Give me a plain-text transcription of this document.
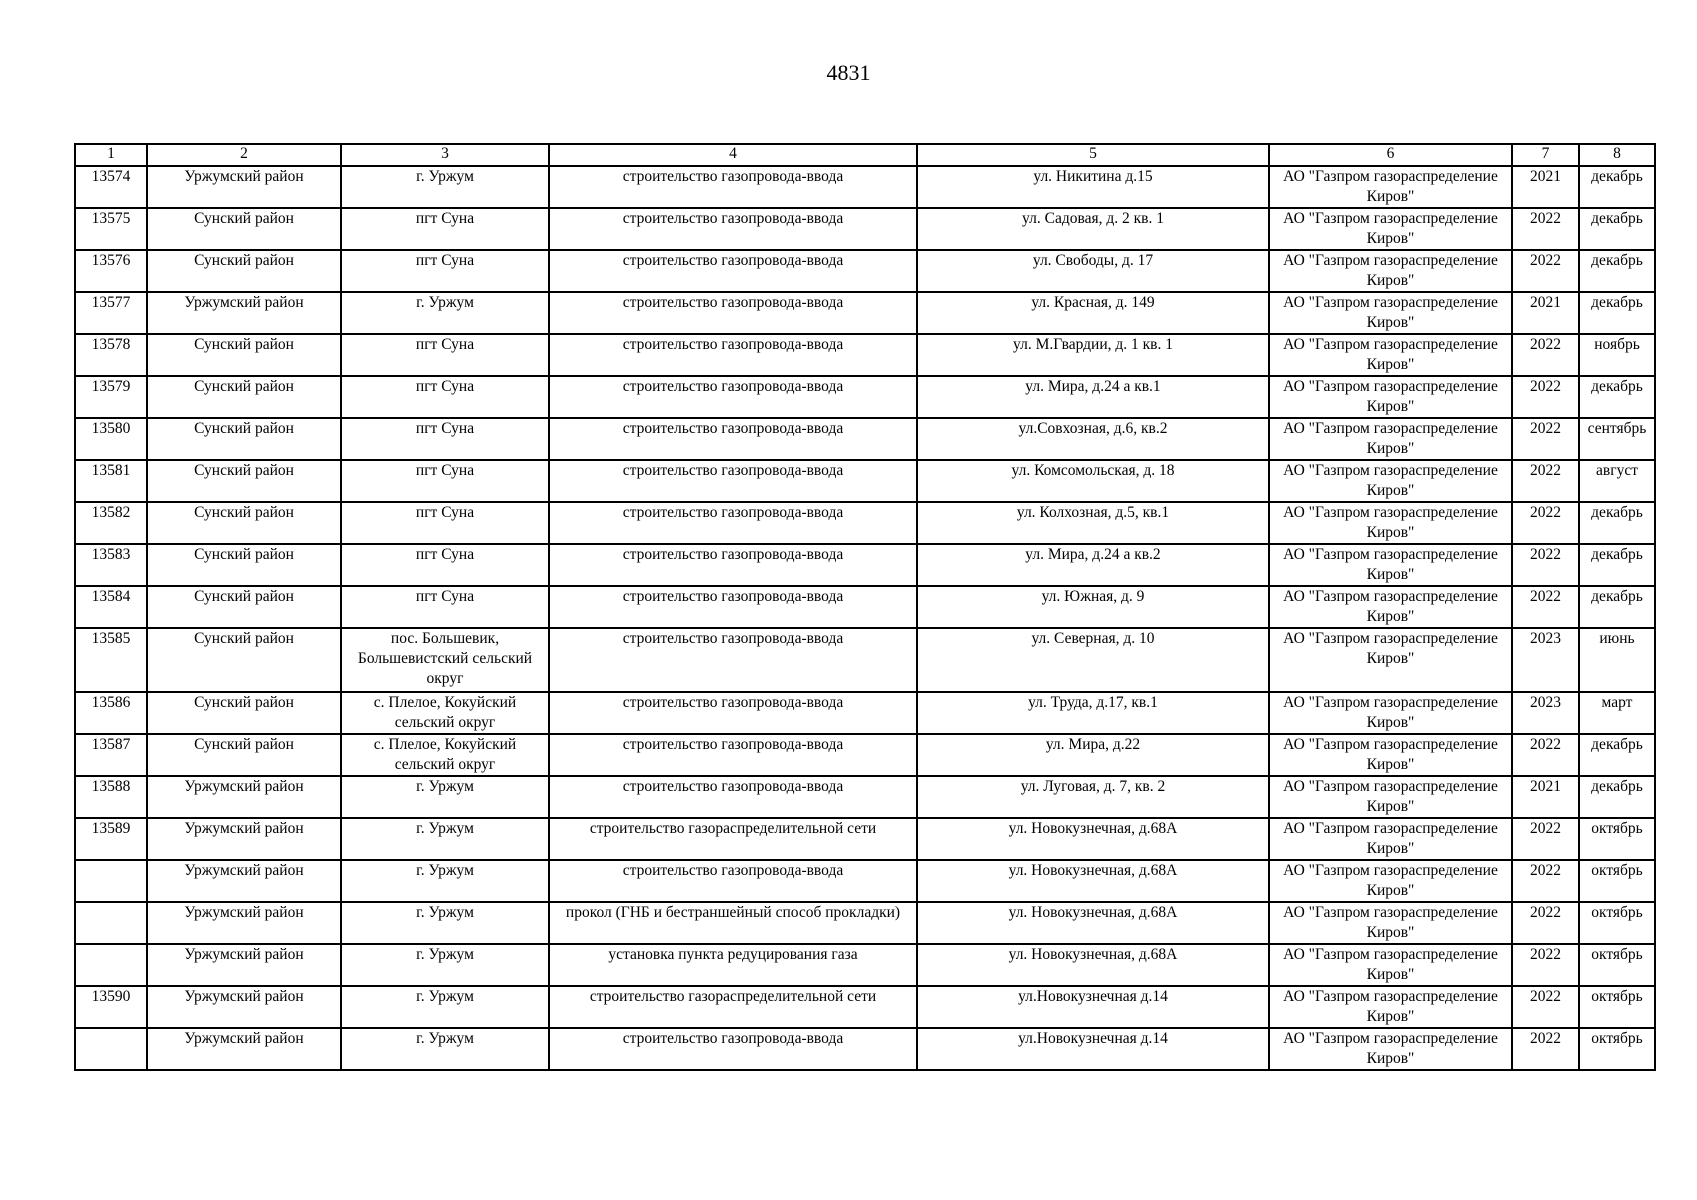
4831
1	2	3	4	5	6	7	8
13574	Уржумский район	г. Уржум	строительство газопровода-ввода	ул. Никитина д.15	АО "Газпром газораспределение Киров"	2021	декабрь
13575	Сунский район	пгт Суна	строительство газопровода-ввода	ул. Садовая, д. 2 кв. 1	АО "Газпром газораспределение Киров"	2022	декабрь
13576	Сунский район	пгт Суна	строительство газопровода-ввода	ул. Свободы, д. 17	АО "Газпром газораспределение Киров"	2022	декабрь
13577	Уржумский район	г. Уржум	строительство газопровода-ввода	ул. Красная, д. 149	АО "Газпром газораспределение Киров"	2021	декабрь
13578	Сунский район	пгт Суна	строительство газопровода-ввода	ул. М.Гвардии, д. 1 кв. 1	АО "Газпром газораспределение Киров"	2022	ноябрь
13579	Сунский район	пгт Суна	строительство газопровода-ввода	ул. Мира, д.24 а кв.1	АО "Газпром газораспределение Киров"	2022	декабрь
13580	Сунский район	пгт Суна	строительство газопровода-ввода	ул.Совхозная, д.6, кв.2	АО "Газпром газораспределение Киров"	2022	сентябрь
13581	Сунский район	пгт Суна	строительство газопровода-ввода	ул. Комсомольская, д. 18	АО "Газпром газораспределение Киров"	2022	август
13582	Сунский район	пгт Суна	строительство газопровода-ввода	ул. Колхозная, д.5, кв.1	АО "Газпром газораспределение Киров"	2022	декабрь
13583	Сунский район	пгт Суна	строительство газопровода-ввода	ул. Мира, д.24 а кв.2	АО "Газпром газораспределение Киров"	2022	декабрь
13584	Сунский район	пгт Суна	строительство газопровода-ввода	ул. Южная, д. 9	АО "Газпром газораспределение Киров"	2022	декабрь
13585	Сунский район	пос. Большевик, Большевистский сельский округ	строительство газопровода-ввода	ул. Северная, д. 10	АО "Газпром газораспределение Киров"	2023	июнь
13586	Сунский район	с. Плелое, Кокуйский сельский округ	строительство газопровода-ввода	ул. Труда, д.17, кв.1	АО "Газпром газораспределение Киров"	2023	март
13587	Сунский район	с. Плелое, Кокуйский сельский округ	строительство газопровода-ввода	ул. Мира, д.22	АО "Газпром газораспределение Киров"	2022	декабрь
13588	Уржумский район	г. Уржум	строительство газопровода-ввода	ул. Луговая, д. 7, кв. 2	АО "Газпром газораспределение Киров"	2021	декабрь
13589	Уржумский район	г. Уржум	строительство газораспределительной сети	ул. Новокузнечная, д.68А	АО "Газпром газораспределение Киров"	2022	октябрь
	Уржумский район	г. Уржум	строительство газопровода-ввода	ул. Новокузнечная, д.68А	АО "Газпром газораспределение Киров"	2022	октябрь
	Уржумский район	г. Уржум	прокол (ГНБ и бестраншейный способ прокладки)	ул. Новокузнечная, д.68А	АО "Газпром газораспределение Киров"	2022	октябрь
	Уржумский район	г. Уржум	установка пункта редуцирования газа	ул. Новокузнечная, д.68А	АО "Газпром газораспределение Киров"	2022	октябрь
13590	Уржумский район	г. Уржум	строительство газораспределительной сети	ул.Новокузнечная д.14	АО "Газпром газораспределение Киров"	2022	октябрь
	Уржумский район	г. Уржум	строительство газопровода-ввода	ул.Новокузнечная д.14	АО "Газпром газораспределение Киров"	2022	октябрь
